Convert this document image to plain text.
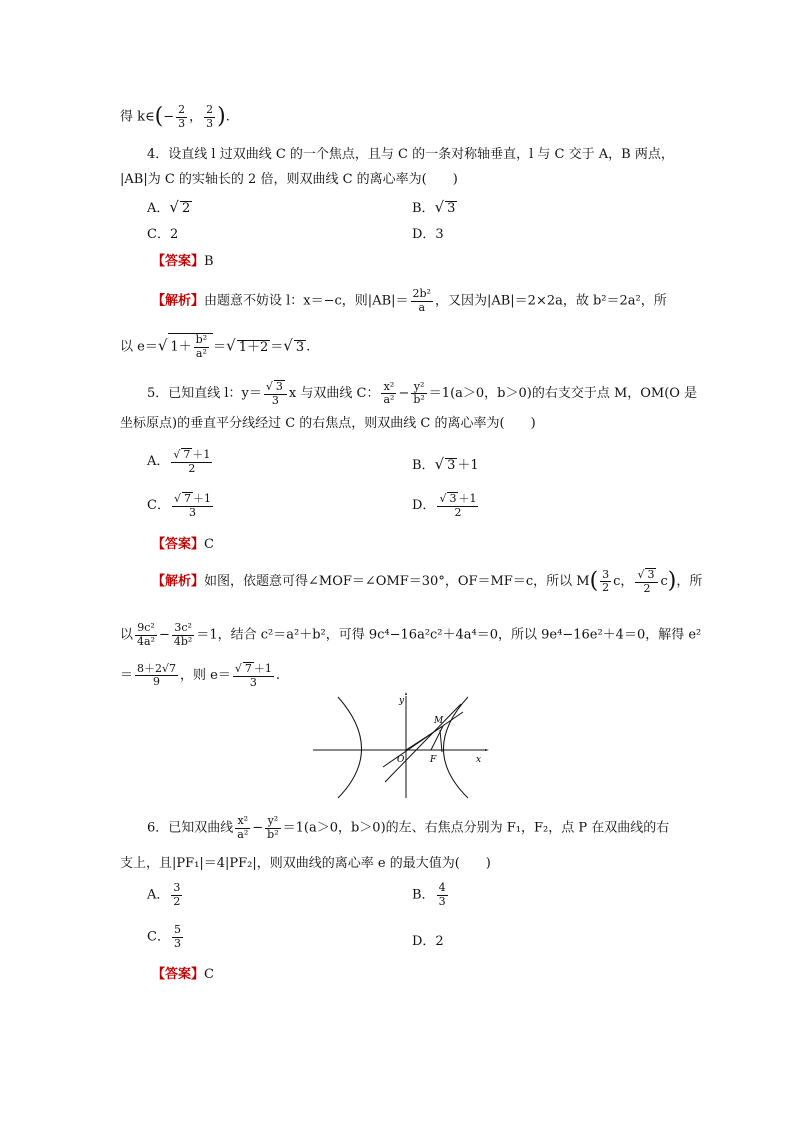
得 k∈(− $\frac{2}{3}$ ， $\frac{2}{3}$ ).
4．设直线 l 过双曲线 C 的一个焦点，且与 C 的一条对称轴垂直，l 与 C 交于 A，B 两点，
|AB|为 C 的实轴长的 2 倍，则双曲线 C 的离心率为(　　)
A．√ 2	B．√ 3
C．2	D．3
【答案】B
【解析】由题意不妨设 l：x＝−c，则$|AB|= \frac{\text{2b²}}{a}$ ，又因为|AB|＝2×2a，故 b²＝2a²，所
以 e＝√ $1+ \frac{\text{b²}}{\text{a²}}$ ＝√ 1＋2 ＝√ 3 .
5．已知直线 l：$y= \frac{√ 3}{3}$ x 与双曲线 C： $\frac{\text{x²}}{\text{a²}} - \frac{\text{y²}}{\text{b²}} =1(a>0$，b＞0)的右支交于点 M，OM(O 是
坐标原点)的垂直平分线经过 C 的右焦点，则双曲线 C 的离心率为(　　)
A． $\frac{√ 7 +1}{2}$	B．√ 3 ＋1
C． $\frac{√ 7 +1}{3}$	D． $\frac{√ 3 +1}{2}$
【答案】C
【解析】如图，依题意可得∠MOF＝∠OMF＝30°，OF＝MF＝c，所以 $M( \frac{3}{2}$ c， $\frac{√ 3}{2} c$)，所
以 $\frac{\text{9c²}}{\text{4a²}} - \frac{\text{3c²}}{\text{4b²}} =1$，结合 c²＝a²＋b²，可得 9c⁴−16a²c²＋4a⁴＝0，所以 9e⁴−16e²＋4＝0，解得 e²
＝ $\frac{8+2√7}{9}$ ，则 $e= \frac{√ 7 +1}{3}$ .
y
x
O
M
F
6．已知双曲线 $\frac{\text{x²}}{\text{a²}} - \frac{\text{y²}}{\text{b²}} =1(a>0$，b＞0)的左、右焦点分别为 F₁，F₂，点 P 在双曲线的右
支上，且|PF₁|＝4|PF₂|，则双曲线的离心率 e 的最大值为(　　)
A． $\frac{3}{2}$	B． $\frac{4}{3}$
C． $\frac{5}{3}$	D．2
【答案】C
